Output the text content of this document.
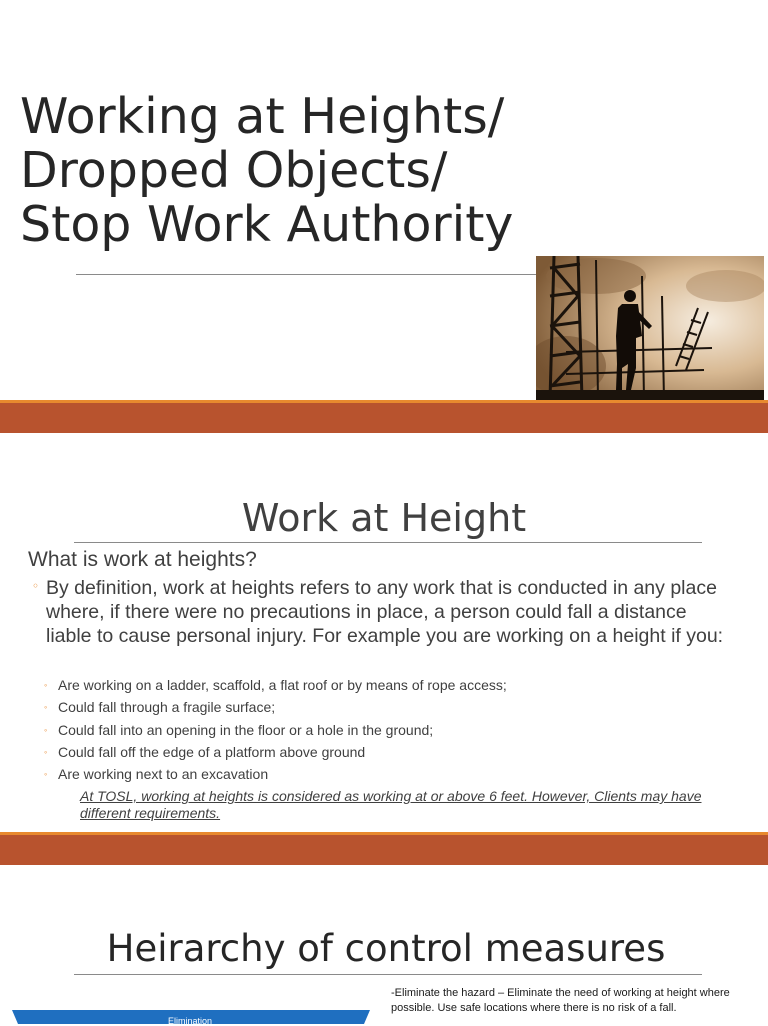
Working at Heights/
Dropped Objects/
Stop Work Authority
Work at Height
What is work at heights?
◦ By definition, work at heights refers to any work that is conducted in any place where, if there were no precautions in place, a person could fall a distance liable to cause personal injury. For example you are working on a height if you:
◦ Are working on a ladder, scaffold, a flat roof or by means of rope access;
◦ Could fall through a fragile surface;
◦ Could fall into an opening in the floor or a hole in the ground;
◦ Could fall off the edge of a platform above ground
◦ Are working next to an excavation
At TOSL, working at heights is considered as working at or above 6 feet. However, Clients may have different requirements.
Heirarchy of control measures
Elimination
-Eliminate the hazard – Eliminate the need of working at height where possible. Use safe locations where there is no risk of a fall.
